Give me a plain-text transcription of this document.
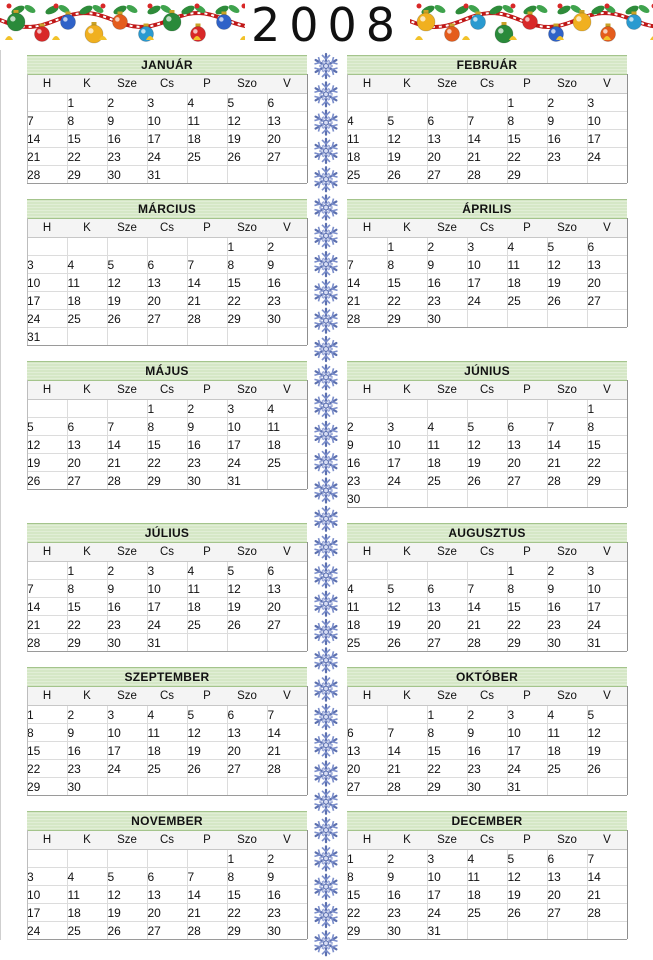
2008
JANUÁR						
H	K	Sze	Cs	P	Szo	V
	1	2	3	4	5	6
7	8	9	10	11	12	13
14	15	16	17	18	19	20
21	22	23	24	25	26	27
28	29	30	31			
FEBRUÁR						
H	K	Sze	Cs	P	Szo	V
				1	2	3
4	5	6	7	8	9	10
11	12	13	14	15	16	17
18	19	20	21	22	23	24
25	26	27	28	29		
MÁRCIUS						
H	K	Sze	Cs	P	Szo	V
					1	2
3	4	5	6	7	8	9
10	11	12	13	14	15	16
17	18	19	20	21	22	23
24	25	26	27	28	29	30
31						
ÁPRILIS						
H	K	Sze	Cs	P	Szo	V
	1	2	3	4	5	6
7	8	9	10	11	12	13
14	15	16	17	18	19	20
21	22	23	24	25	26	27
28	29	30				
MÁJUS						
H	K	Sze	Cs	P	Szo	V
			1	2	3	4
5	6	7	8	9	10	11
12	13	14	15	16	17	18
19	20	21	22	23	24	25
26	27	28	29	30	31	
JÚNIUS						
H	K	Sze	Cs	P	Szo	V
						1
2	3	4	5	6	7	8
9	10	11	12	13	14	15
16	17	18	19	20	21	22
23	24	25	26	27	28	29
30						
JÚLIUS						
H	K	Sze	Cs	P	Szo	V
	1	2	3	4	5	6
7	8	9	10	11	12	13
14	15	16	17	18	19	20
21	22	23	24	25	26	27
28	29	30	31			
AUGUSZTUS						
H	K	Sze	Cs	P	Szo	V
				1	2	3
4	5	6	7	8	9	10
11	12	13	14	15	16	17
18	19	20	21	22	23	24
25	26	27	28	29	30	31
SZEPTEMBER						
H	K	Sze	Cs	P	Szo	V
1	2	3	4	5	6	7
8	9	10	11	12	13	14
15	16	17	18	19	20	21
22	23	24	25	26	27	28
29	30					
OKTÓBER						
H	K	Sze	Cs	P	Szo	V
		1	2	3	4	5
6	7	8	9	10	11	12
13	14	15	16	17	18	19
20	21	22	23	24	25	26
27	28	29	30	31		
NOVEMBER						
H	K	Sze	Cs	P	Szo	V
					1	2
3	4	5	6	7	8	9
10	11	12	13	14	15	16
17	18	19	20	21	22	23
24	25	26	27	28	29	30
DECEMBER						
H	K	Sze	Cs	P	Szo	V
1	2	3	4	5	6	7
8	9	10	11	12	13	14
15	16	17	18	19	20	21
22	23	24	25	26	27	28
29	30	31				
